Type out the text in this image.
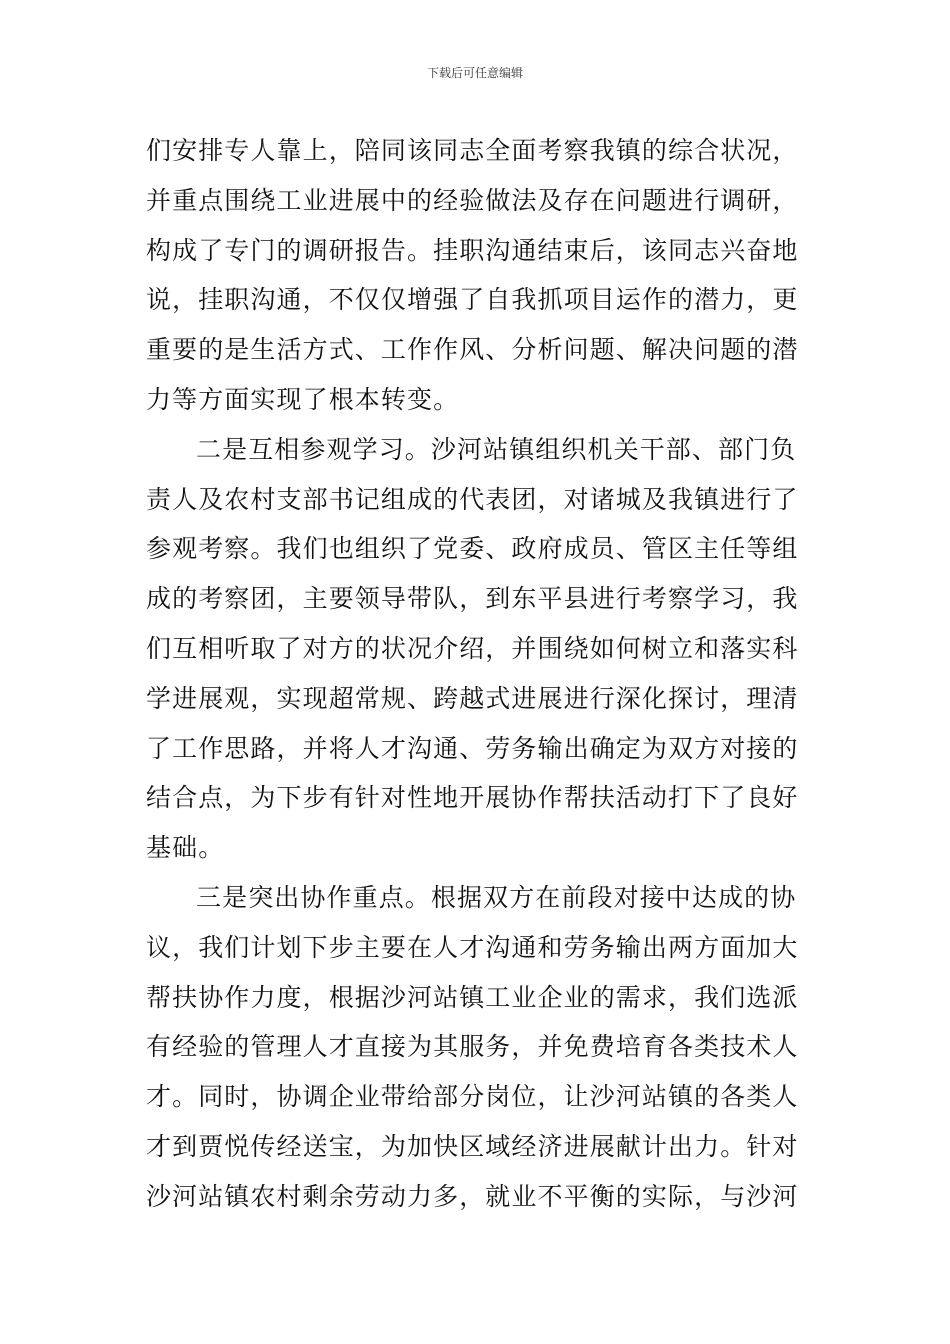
下载后可任意编辑
们安排专人靠上，陪同该同志全面考察我镇的综合状况，
并重点围绕工业进展中的经验做法及存在问题进行调研，
构成了专门的调研报告。挂职沟通结束后，该同志兴奋地
说，挂职沟通，不仅仅增强了自我抓项目运作的潜力，更
重要的是生活方式、工作作风、分析问题、解决问题的潜
力等方面实现了根本转变。
二是互相参观学习。沙河站镇组织机关干部、部门负
责人及农村支部书记组成的代表团，对诸城及我镇进行了
参观考察。我们也组织了党委、政府成员、管区主任等组
成的考察团，主要领导带队，到东平县进行考察学习，我
们互相听取了对方的状况介绍，并围绕如何树立和落实科
学进展观，实现超常规、跨越式进展进行深化探讨，理清
了工作思路，并将人才沟通、劳务输出确定为双方对接的
结合点，为下步有针对性地开展协作帮扶活动打下了良好
基础。
三是突出协作重点。根据双方在前段对接中达成的协
议，我们计划下步主要在人才沟通和劳务输出两方面加大
帮扶协作力度，根据沙河站镇工业企业的需求，我们选派
有经验的管理人才直接为其服务，并免费培育各类技术人
才。同时，协调企业带给部分岗位，让沙河站镇的各类人
才到贾悦传经送宝，为加快区域经济进展献计出力。针对
沙河站镇农村剩余劳动力多，就业不平衡的实际，与沙河
